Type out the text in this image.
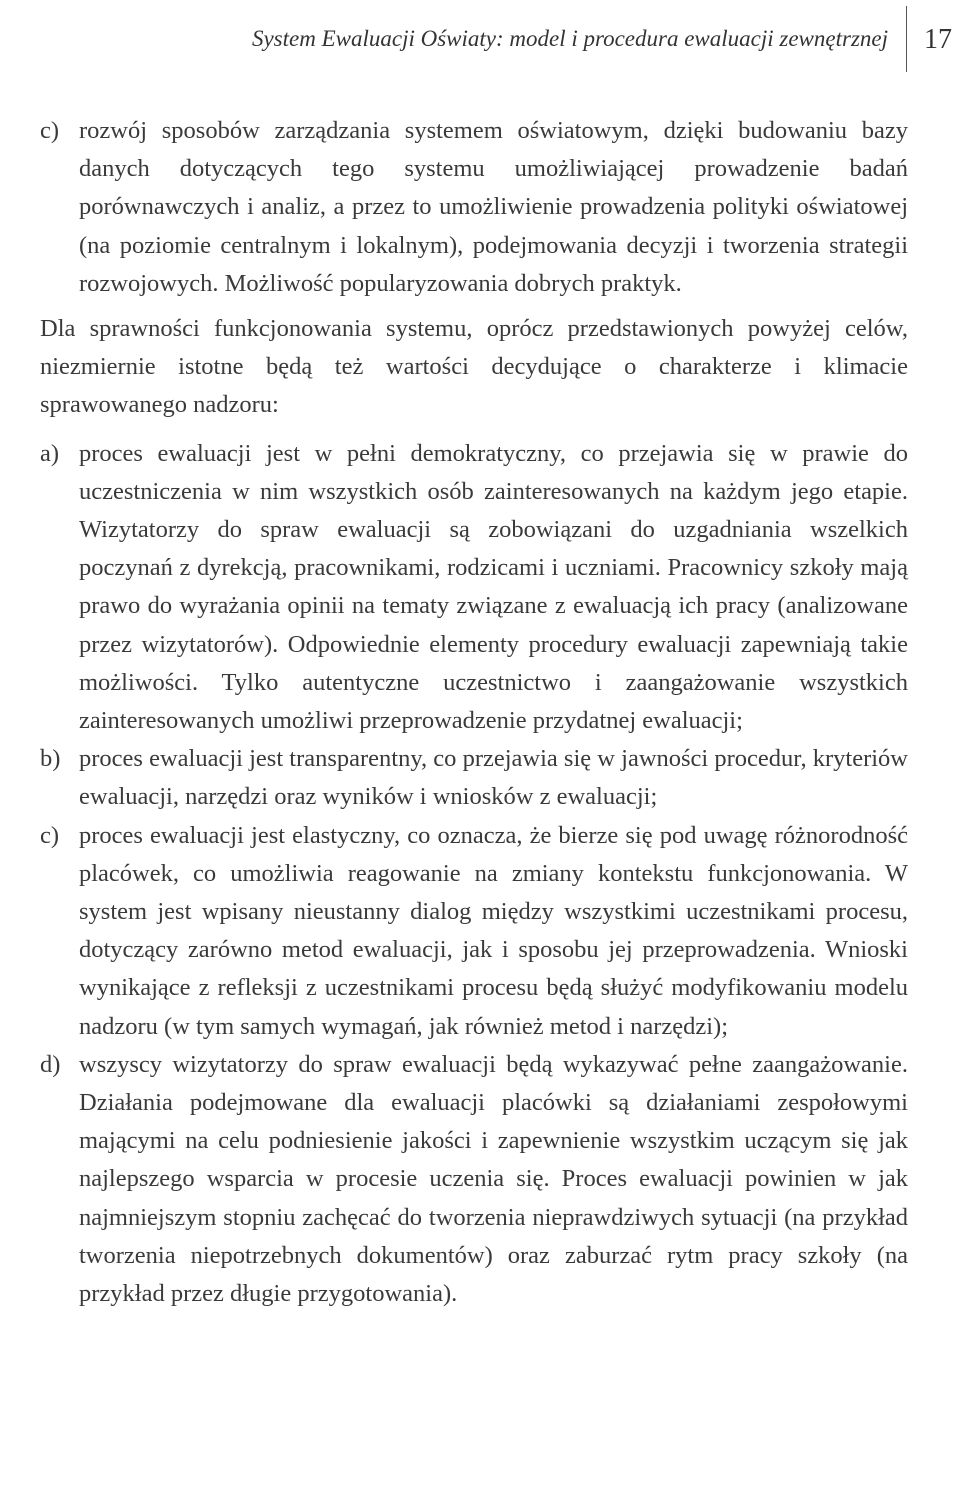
System Ewaluacji Oświaty: model i procedura ewaluacji zewnętrznej 17
c) rozwój sposobów zarządzania systemem oświatowym, dzięki budowaniu bazy danych dotyczących tego systemu umożliwiającej prowadzenie badań porównawczych i analiz, a przez to umożliwienie prowadzenia polityki oświatowej (na poziomie centralnym i lokalnym), podejmowania decyzji i tworzenia strategii rozwojowych. Możliwość popularyzowania dobrych praktyk.

Dla sprawności funkcjonowania systemu, oprócz przedstawionych powyżej celów, niezmiernie istotne będą też wartości decydujące o charakterze i klimacie sprawowanego nadzoru:

a) proces ewaluacji jest w pełni demokratyczny, co przejawia się w prawie do uczestniczenia w nim wszystkich osób zainteresowanych na każdym jego etapie. Wizytatorzy do spraw ewaluacji są zobowiązani do uzgadniania wszelkich poczynań z dyrekcją, pracownikami, rodzicami i uczniami. Pracownicy szkoły mają prawo do wyrażania opinii na tematy związane z ewaluacją ich pracy (analizowane przez wizytatorów). Odpowiednie elementy procedury ewaluacji zapewniają takie możliwości. Tylko autentyczne uczestnictwo i zaangażowanie wszystkich zainteresowanych umożliwi przeprowadzenie przydatnej ewaluacji;
b) proces ewaluacji jest transparentny, co przejawia się w jawności procedur, kryteriów ewaluacji, narzędzi oraz wyników i wniosków z ewaluacji;
c) proces ewaluacji jest elastyczny, co oznacza, że bierze się pod uwagę różnorodność placówek, co umożliwia reagowanie na zmiany kontekstu funkcjonowania. W system jest wpisany nieustanny dialog między wszystkimi uczestnikami procesu, dotyczący zarówno metod ewaluacji, jak i sposobu jej przeprowadzenia. Wnioski wynikające z refleksji z uczestnikami procesu będą służyć modyfikowaniu modelu nadzoru (w tym samych wymagań, jak również metod i narzędzi);
d) wszyscy wizytatorzy do spraw ewaluacji będą wykazywać pełne zaangażowanie. Działania podejmowane dla ewaluacji placówki są działaniami zespołowymi mającymi na celu podniesienie jakości i zapewnienie wszystkim uczącym się jak najlepszego wsparcia w procesie uczenia się. Proces ewaluacji powinien w jak najmniejszym stopniu zachęcać do tworzenia nieprawdziwych sytuacji (na przykład tworzenia niepotrzebnych dokumentów) oraz zaburzać rytm pracy szkoły (na przykład przez długie przygotowania).
